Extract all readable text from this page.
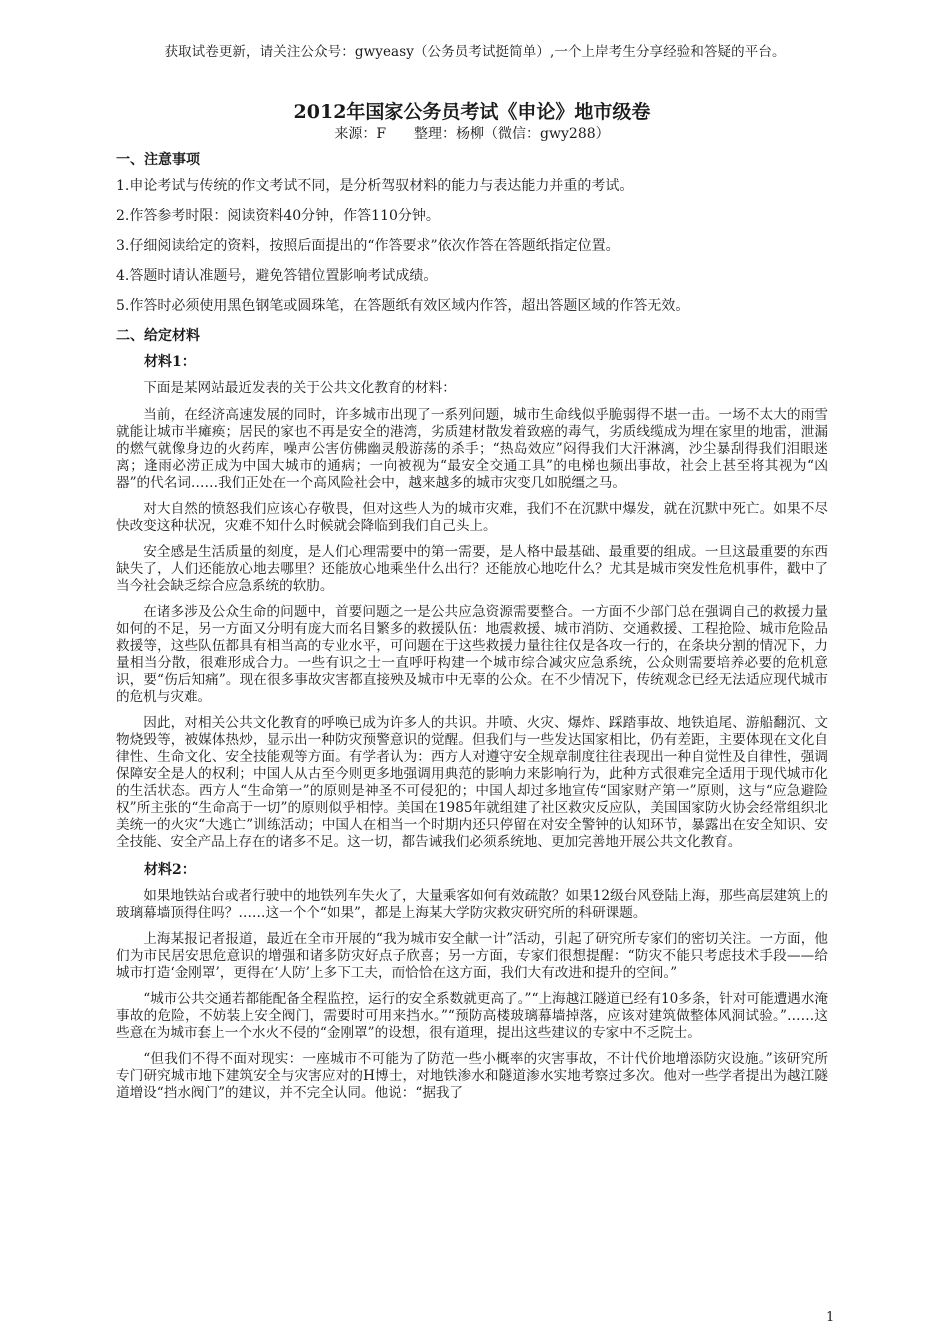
获取试卷更新，请关注公众号：gwyeasy（公务员考试挺简单）,一个上岸考生分享经验和答疑的平台。
2012年国家公务员考试《申论》地市级卷
来源：F　　整理：杨柳（微信：gwy288）
一、注意事项

1.申论考试与传统的作文考试不同，是分析驾驭材料的能力与表达能力并重的考试。

2.作答参考时限：阅读资料40分钟，作答110分钟。

3.仔细阅读给定的资料，按照后面提出的“作答要求”依次作答在答题纸指定位置。

4.答题时请认准题号，避免答错位置影响考试成绩。

5.作答时必须使用黑色钢笔或圆珠笔，在答题纸有效区域内作答，超出答题区域的作答无效。

二、给定材料
材料1：

下面是某网站最近发表的关于公共文化教育的材料：

当前，在经济高速发展的同时，许多城市出现了一系列问题，城市生命线似乎脆弱得不堪一击。一场不太大的雨雪就能让城市半瘫痪；居民的家也不再是安全的港湾，劣质建材散发着致癌的毒气，劣质线缆成为埋在家里的地雷，泄漏的燃气就像身边的火药库，噪声公害仿佛幽灵般游荡的杀手；“热岛效应”闷得我们大汗淋漓，沙尘暴刮得我们泪眼迷离；逢雨必涝正成为中国大城市的通病；一向被视为“最安全交通工具”的电梯也频出事故，社会上甚至将其视为“凶器”的代名词……我们正处在一个高风险社会中，越来越多的城市灾变几如脱缰之马。

对大自然的愤怒我们应该心存敬畏，但对这些人为的城市灾难，我们不在沉默中爆发，就在沉默中死亡。如果不尽快改变这种状况，灾难不知什么时候就会降临到我们自己头上。

安全感是生活质量的刻度，是人们心理需要中的第一需要，是人格中最基础、最重要的组成。一旦这最重要的东西缺失了，人们还能放心地去哪里？还能放心地乘坐什么出行？还能放心地吃什么？尤其是城市突发性危机事件，戳中了当今社会缺乏综合应急系统的软肋。

在诸多涉及公众生命的问题中，首要问题之一是公共应急资源需要整合。一方面不少部门总在强调自己的救援力量如何的不足，另一方面又分明有庞大而名目繁多的救援队伍：地震救援、城市消防、交通救援、工程抢险、城市危险品救援等，这些队伍都具有相当高的专业水平，可问题在于这些救援力量往往仅是各攻一行的，在条块分割的情况下，力量相当分散，很难形成合力。一些有识之士一直呼吁构建一个城市综合减灾应急系统，公众则需要培养必要的危机意识，要“伤后知痛”。现在很多事故灾害都直接殃及城市中无辜的公众。在不少情况下，传统观念已经无法适应现代城市的危机与灾难。

因此，对相关公共文化教育的呼唤已成为许多人的共识。井喷、火灾、爆炸、踩踏事故、地铁追尾、游船翻沉、文物烧毁等，被媒体热炒，显示出一种防灾预警意识的觉醒。但我们与一些发达国家相比，仍有差距，主要体现在文化自律性、生命文化、安全技能观等方面。有学者认为：西方人对遵守安全规章制度往往表现出一种自觉性及自律性，强调保障安全是人的权利；中国人从古至今则更多地强调用典范的影响力来影响行为，此种方式很难完全适用于现代城市化的生活状态。西方人“生命第一”的原则是神圣不可侵犯的；中国人却过多地宣传“国家财产第一”原则，这与“应急避险权”所主张的“生命高于一切”的原则似乎相悖。美国在1985年就组建了社区救灾反应队，美国国家防火协会经常组织北美统一的火灾“大逃亡”训练活动；中国人在相当一个时期内还只停留在对安全警钟的认知环节，暴露出在安全知识、安全技能、安全产品上存在的诸多不足。这一切，都告诫我们必须系统地、更加完善地开展公共文化教育。

材料2：

如果地铁站台或者行驶中的地铁列车失火了，大量乘客如何有效疏散？如果12级台风登陆上海，那些高层建筑上的玻璃幕墙顶得住吗？……这一个个“如果”，都是上海某大学防灾救灾研究所的科研课题。

上海某报记者报道，最近在全市开展的“我为城市安全献一计”活动，引起了研究所专家们的密切关注。一方面，他们为市民居安思危意识的增强和诸多防灾好点子欣喜；另一方面，专家们很想提醒：“防灾不能只考虑技术手段——给城市打造‘金刚罩’，更得在‘人防’上多下工夫，而恰恰在这方面，我们大有改进和提升的空间。”

“城市公共交通若都能配备全程监控，运行的安全系数就更高了。”“上海越江隧道已经有10多条，针对可能遭遇水淹事故的危险，不妨装上安全阀门，需要时可用来挡水。”“预防高楼玻璃幕墙掉落，应该对建筑做整体风洞试验。”……这些意在为城市套上一个水火不侵的“金刚罩”的设想，很有道理，提出这些建议的专家中不乏院士。

“但我们不得不面对现实：一座城市不可能为了防范一些小概率的灾害事故，不计代价地增添防灾设施。”该研究所专门研究城市地下建筑安全与灾害应对的H博士，对地铁渗水和隧道渗水实地考察过多次。他对一些学者提出为越江隧道增设“挡水阀门”的建议，并不完全认同。他说：“据我了

1
